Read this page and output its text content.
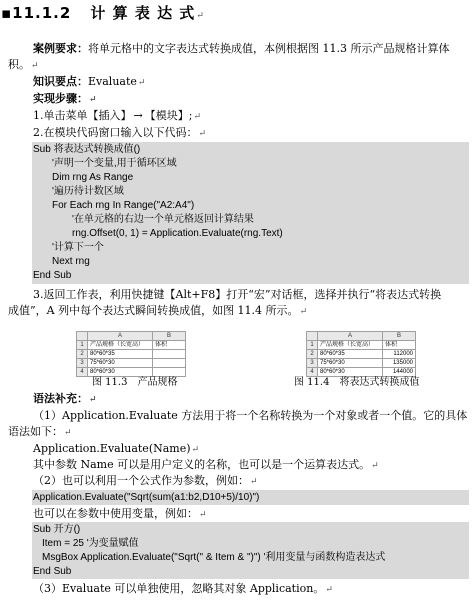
▪11.1.2 计 算 表 达 式↵
案例要求：将单元格中的文字表达式转换成值，本例根据图 11.3 所示产品规格计算体
积。↵
知识要点：Evaluate↵
实现步骤：↵
1.单击菜单【插入】 → 【模块】;↵
2.在模块代码窗口输入以下代码：↵
Sub 将表达式转换成值()
'声明一个变量,用于循环区域
Dim rng As Range
'遍历待计数区域
For Each rng In Range("A2:A4")
'在单元格的右边一个单元格返回计算结果
rng.Offset(0, 1) = Application.Evaluate(rng.Text)
'计算下一个
Next rng
End Sub
3.返回工作表，利用快捷键【Alt+F8】打开“宏”对话框，选择并执行“将表达式转换
成值”，A 列中每个表达式瞬间转换成值，如图 11.4 所示。↵
	A	B
1	产品规格（长宽高）	体积
2	80*60*35	
3	75*60*30	
4	80*60*30	
	A	B
1	产品规格（长宽高）	体积
2	80*60*35	112000
3	75*60*30	135000
4	80*60*30	144000
图 11.3　产品规格	图 11.4　将表达式转换成值
语法补充：↵
（1）Application.Evaluate 方法用于将一个名称转换为一个对象或者一个值。它的具体
语法如下：↵
Application.Evaluate(Name)↵
其中参数 Name 可以是用户定义的名称，也可以是一个运算表达式。↵
（2）也可以利用一个公式作为参数，例如：↵
Application.Evaluate("Sqrt(sum(a1:b2,D10+5)/10)")
也可以在参数中使用变量，例如：↵
Sub 开方()
Item = 25 '为变量赋值
MsgBox Application.Evaluate("Sqrt(" & Item & ")") '利用变量与函数构造表达式
End Sub
（3）Evaluate 可以单独使用，忽略其对象 Application。↵
